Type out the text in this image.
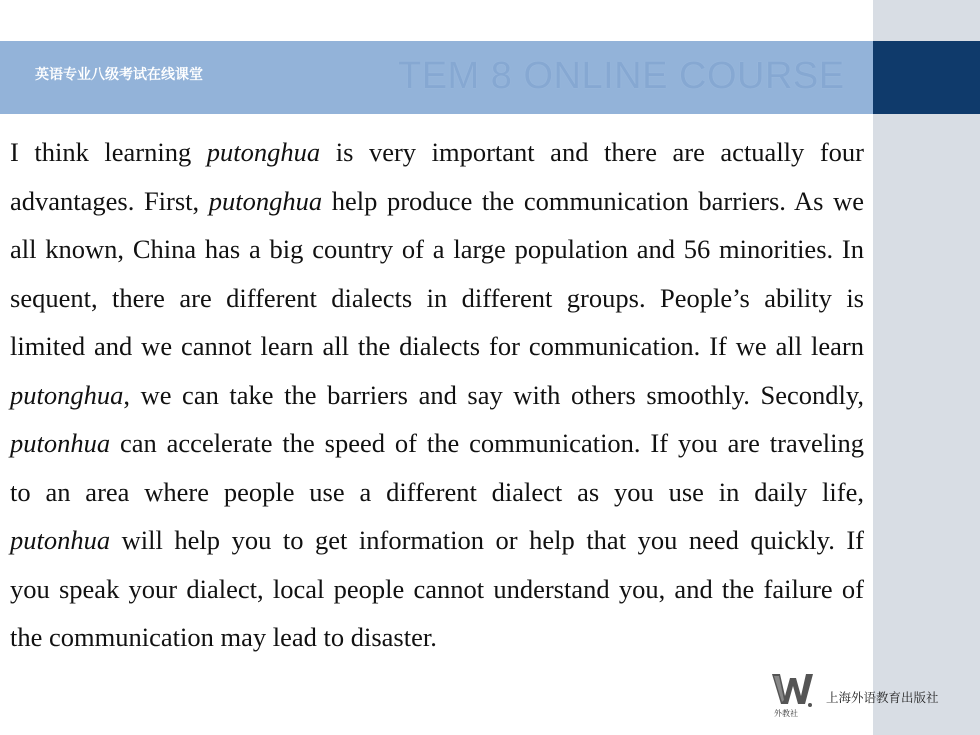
英语专业八级考试在线课堂	TEM 8 ONLINE COURSE
I think learning putonghua is very important and there are actually four
advantages. First, putonghua help produce the communication barriers. As we
all known, China has a big country of a large population and 56 minorities. In
sequent, there are different dialects in different groups. People’s ability is
limited and we cannot learn all the dialects for communication. If we all learn
putonghua, we can take the barriers and say with others smoothly. Secondly,
putonhua can accelerate the speed of the communication. If you are traveling
to an area where people use a different dialect as you use in daily life,
putonhua will help you to get information or help that you need quickly. If
you speak your dialect, local people cannot understand you, and the failure of
the communication may lead to disaster.
外教社
上海外语教育出版社
